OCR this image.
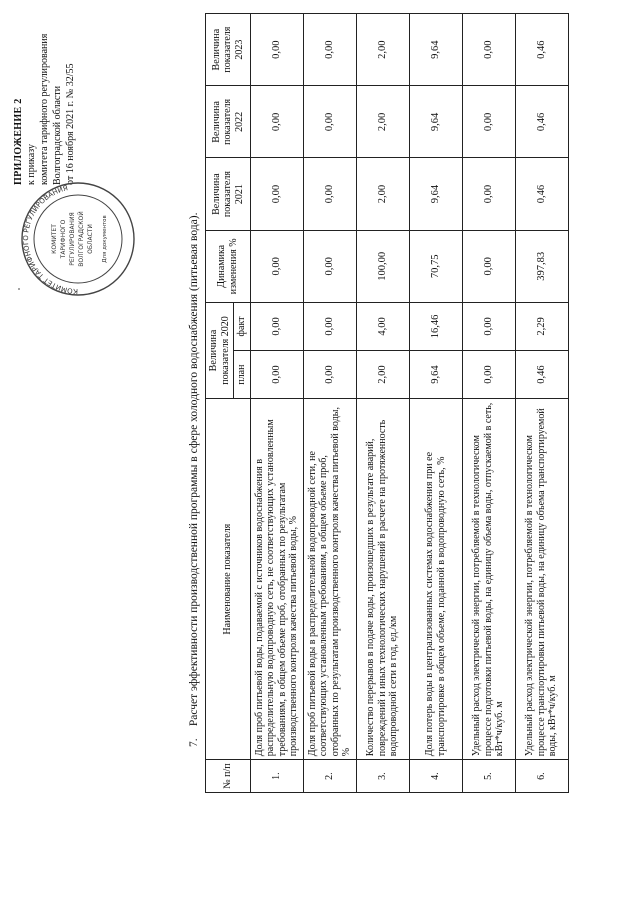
ПРИЛОЖЕНИЕ 2 к приказу комитета тарифного регулирования Волгоградской области от 16 ноября 2021 г. № 32/55
КОМИТЕТ ТАРИФНОГО РЕГУЛИРОВАНИЯ
КОМИТЕТ ТАРИФНОГО РЕГУЛИРОВАНИЯ ВОЛГОГРАДСКОЙ ОБЛАСТИ Для документов
7. Расчет эффективности производственной программы в сфере холодного водоснабжения (питьевая вода).
№ п/п	Наименование показателя	Величина показателя 2020		Динамика изменения %	Величина показателя 2021	Величина показателя 2022	Величина показателя 2023
		план	факт				
1.	Доля проб питьевой воды, подаваемой с источников водоснабжения в распределительную водопроводную сеть, не соответствующих установленным требованиям, в общем объеме проб, отобранных по результатам производственного контроля качества питьевой воды, %	0,00	0,00	0,00	0,00	0,00	0,00
2.	Доля проб питьевой воды в распределительной водопроводной сети, не соответствующих установленным требованиям, в общем объеме проб, отобранных по результатам производственного контроля качества питьевой воды, %	0,00	0,00	0,00	0,00	0,00	0,00
3.	Количество перерывов в подаче воды, произошедших в результате аварий, повреждений и иных технологических нарушений в расчете на протяженность водопроводной сети в год, ед./км	2,00	4,00	100,00	2,00	2,00	2,00
4.	Доля потерь воды в централизованных системах водоснабжения при ее транспортировке в общем объеме, поданной в водопроводную сеть, %	9,64	16,46	70,75	9,64	9,64	9,64
5.	Удельный расход электрической энергии, потребляемой в технологическом процессе подготовки питьевой воды, на единицу объема воды, отпускаемой в сеть, кВт*ч/куб. м	0,00	0,00	0,00	0,00	0,00	0,00
6.	Удельный расход электрической энергии, потребляемой в технологическом процессе транспортировки питьевой воды, на единицу объема транспортируемой воды, кВт*ч/куб. м	0,46	2,29	397,83	0,46	0,46	0,46
